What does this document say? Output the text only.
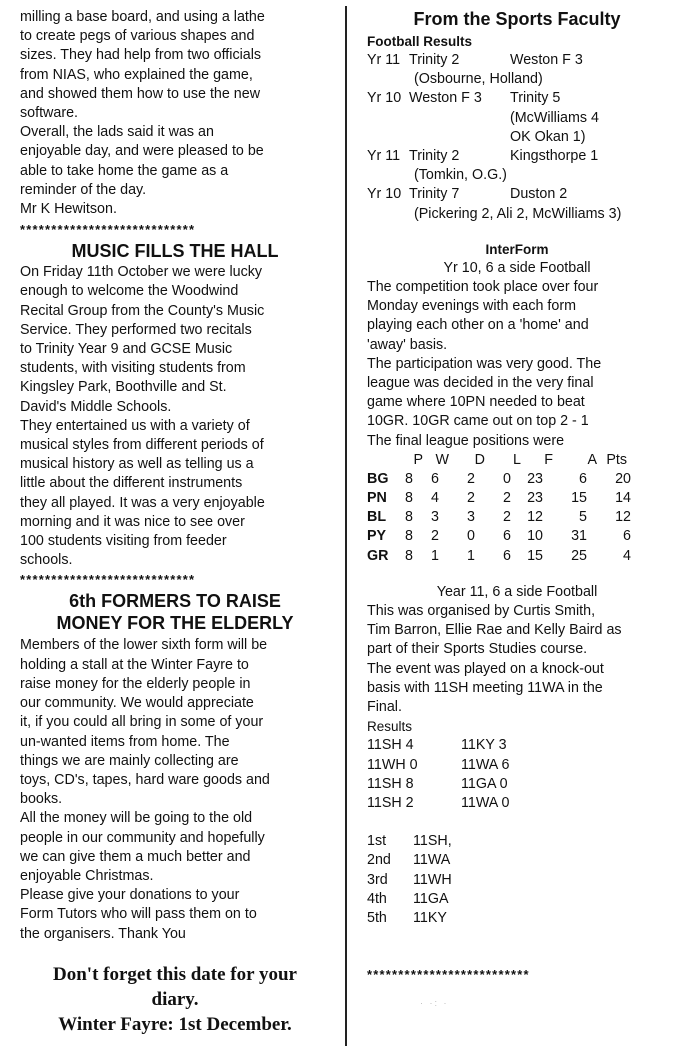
milling a base board, and using a lathe
to create pegs of various shapes and
sizes. They had help from two officials
from NIAS, who explained the game,
and showed them how to use the new
software.
Overall, the lads said it was an
enjoyable day, and were pleased to be
able to take home the game as a
reminder of the day.
Mr K Hewitson.
****************************
MUSIC FILLS THE HALL
On Friday 11th October we were lucky
enough to welcome the Woodwind
Recital Group from the County's Music
Service. They performed two recitals
to Trinity Year 9 and GCSE Music
students, with visiting students from
Kingsley Park, Boothville and St.
David's Middle Schools.
They entertained us with a variety of
musical styles from different periods of
musical history as well as telling us a
little about the different instruments
they all played. It was a very enjoyable
morning and it was nice to see over
100 students visiting from feeder
schools.
****************************
6th FORMERS TO RAISE
MONEY FOR THE ELDERLY
Members of the lower sixth form will be
holding a stall at the Winter Fayre to
raise money for the elderly people in
our community. We would appreciate
it, if you could all bring in some of your
un-wanted items from home. The
things we are mainly collecting are
toys, CD's, tapes, hard ware goods and
books.
All the money will be going to the old
people in our community and hopefully
we can give them a much better and
enjoyable Christmas.
Please give your donations to your
Form Tutors who will pass them on to
the organisers. Thank You
Don't forget this date for your
diary.
Winter Fayre: 1st December.
From the Sports Faculty
Football Results
Yr 11 Trinity 2	Weston F 3
(Osbourne, Holland)
Yr 10 Weston F 3 Trinity 5
(McWilliams 4
OK Okan 1)
Yr 11 Trinity 2	Kingsthorpe 1
(Tomkin, O.G.)
Yr 10 Trinity 7	Duston 2
(Pickering 2, Ali 2, McWilliams 3)
InterForm
Yr 10, 6 a side Football
The competition took place over four
Monday evenings with each form
playing each other on a 'home' and
'away' basis.
The participation was very good. The
league was decided in the very final
game where 10PN needed to beat
10GR. 10GR came out on top 2 - 1
The final league positions were
P W	D	L	F	A Pts
BG	8	6	2	0	23	6	20
PN	8	4	2	2	23	15	14
BL	8	3	3	2	12	5	12
PY	8	2	0	6	10	31	6
GR	8	1	1	6	15	25	4
Year 11, 6 a side Football
This was organised by Curtis Smith,
Tim Barron, Ellie Rae and Kelly Baird as
part of their Sports Studies course.
The event was played on a knock-out
basis with 11SH meeting 11WA in the
Final.
Results
11SH 4	11KY 3
11WH 0	11WA 6
11SH 8	11GA 0
11SH 2	11WA 0
1st 11SH,
2nd 11WA
3rd 11WH
4th 11GA
5th 11KY
**************************
· ·: ·
